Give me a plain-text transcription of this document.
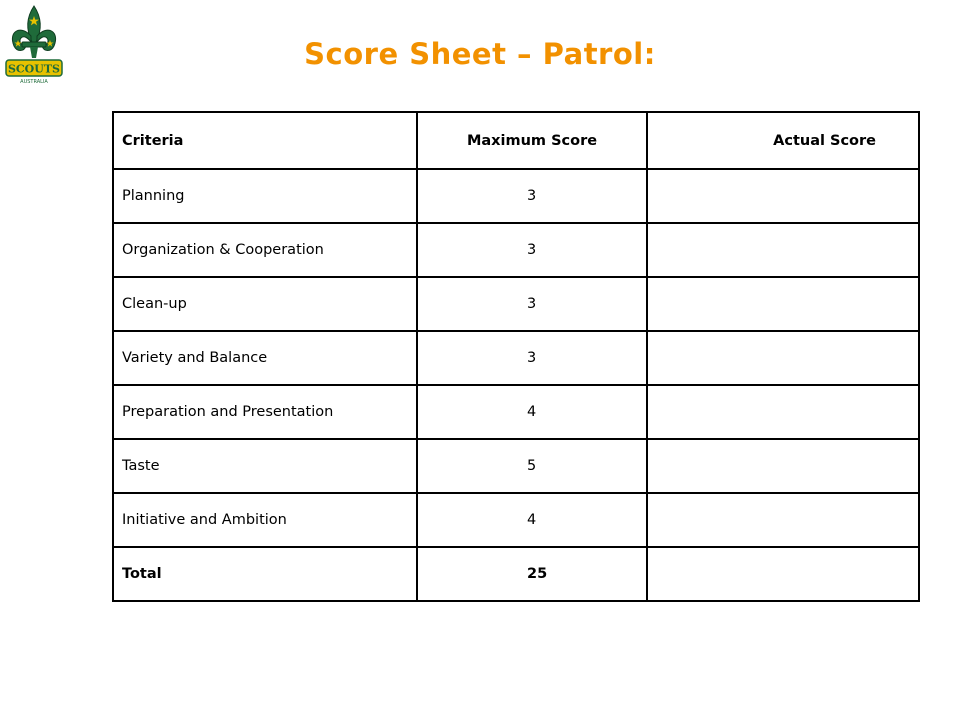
SCOUTS
AUSTRALIA
Score Sheet – Patrol:
Criteria	Maximum Score	Actual Score
Planning	3	
Organization & Cooperation	3	
Clean-up	3	
Variety and Balance	3	
Preparation and Presentation	4	
Taste	5	
Initiative and Ambition	4	
Total	25	
